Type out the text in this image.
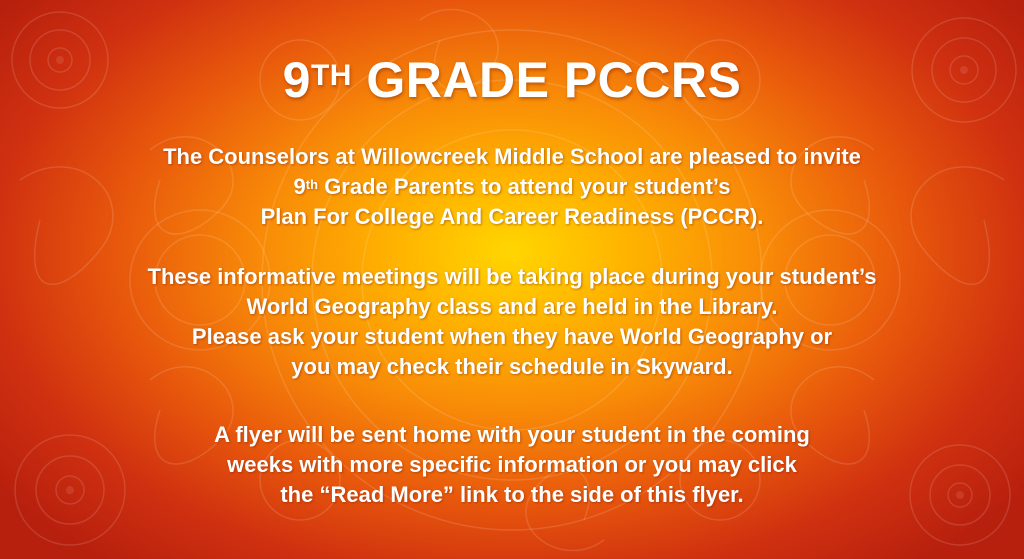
9TH GRADE PCCRS
The Counselors at Willowcreek Middle School are pleased to invite
9th Grade Parents to attend your student’s
Plan For College And Career Readiness (PCCR).
These informative meetings will be taking place during your student’s
World Geography class and are held in the Library.
Please ask your student when they have World Geography or
you may check their schedule in Skyward.
A flyer will be sent home with your student in the coming
weeks with more specific information or you may click
the “Read More” link to the side of this flyer.
